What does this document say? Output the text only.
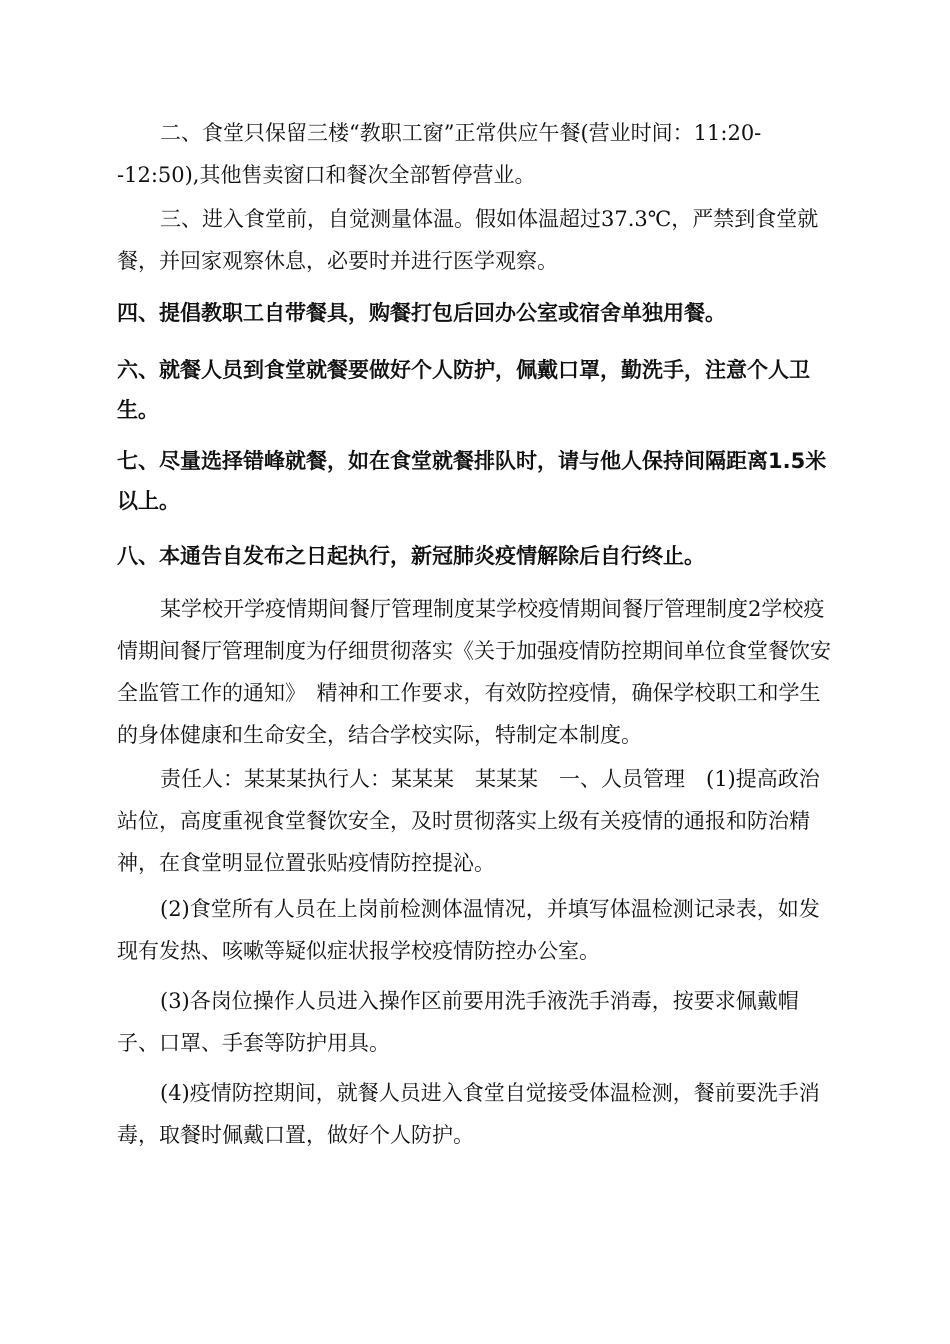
二、食堂只保留三楼“教职工窗”正常供应午餐(营业时间：11:20--12:50),其他售卖窗口和餐次全部暂停营业。

三、进入食堂前，自觉测量体温。假如体温超过37.3℃，严禁到食堂就餐，并回家观察休息，必要时并进行医学观察。

四、提倡教职工自带餐具，购餐打包后回办公室或宿舍单独用餐。

六、就餐人员到食堂就餐要做好个人防护，佩戴口罩，勤洗手，注意个人卫生。

七、尽量选择错峰就餐，如在食堂就餐排队时，请与他人保持间隔距离1.5米以上。

八、本通告自发布之日起执行，新冠肺炎疫情解除后自行终止。

某学校开学疫情期间餐厅管理制度某学校疫情期间餐厅管理制度2学校疫情期间餐厅管理制度为仔细贯彻落实《关于加强疫情防控期间单位食堂餐饮安全监管工作的通知》　精神和工作要求，有效防控疫情，确保学校职工和学生的身体健康和生命安全，结合学校实际，特制定本制度。

责任人：某某某执行人：某某某　某某某　一、人员管理　(1)提高政治站位，高度重视食堂餐饮安全，及时贯彻落实上级有关疫情的通报和防治精神，在食堂明显位置张贴疫情防控提沁。

(2)食堂所有人员在上岗前检测体温情况，并填写体温检测记录表，如发现有发热、咳嗽等疑似症状报学校疫情防控办公室。

(3)各岗位操作人员进入操作区前要用洗手液洗手消毒，按要求佩戴帽子、口罩、手套等防护用具。

(4)疫情防控期间，就餐人员进入食堂自觉接受体温检测，餐前要洗手消毒，取餐时佩戴口置，做好个人防护。
